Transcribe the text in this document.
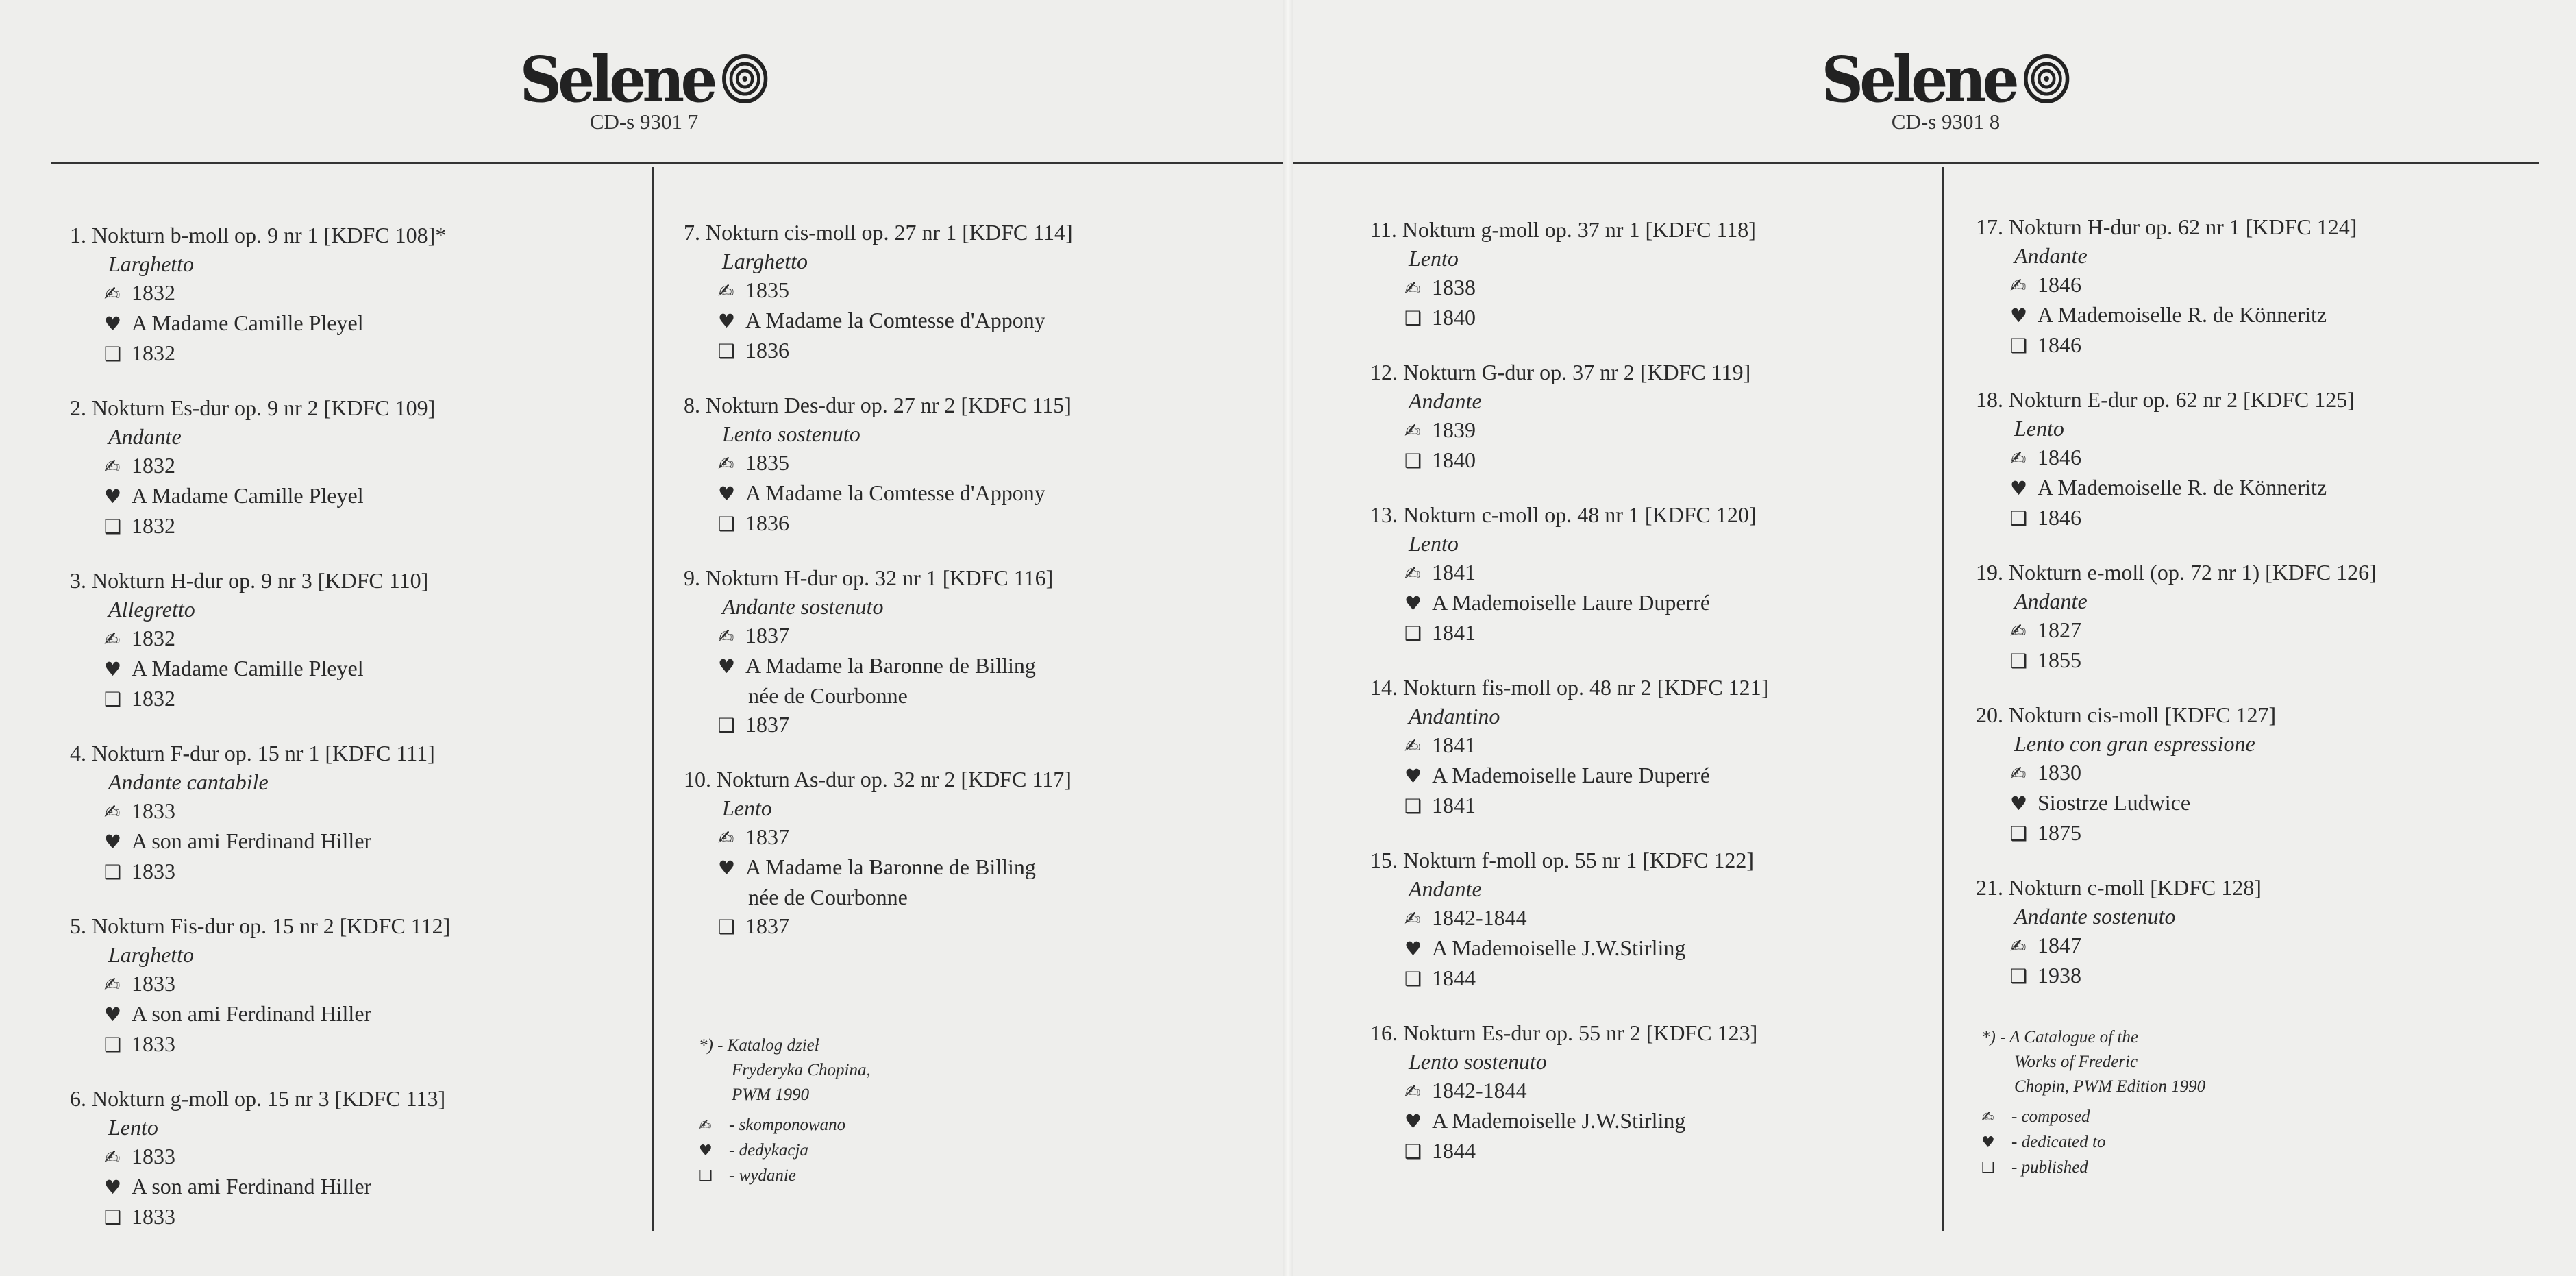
Selene
CD-s 9301 7
1. Nokturn b-moll op. 9 nr 1 [KDFC 108]*
Larghetto
✍ 1832
♥ A Madame Camille Pleyel
❑ 1832
2. Nokturn Es-dur op. 9 nr 2 [KDFC 109]
Andante
✍ 1832
♥ A Madame Camille Pleyel
❑ 1832
3. Nokturn H-dur op. 9 nr 3 [KDFC 110]
Allegretto
✍ 1832
♥ A Madame Camille Pleyel
❑ 1832
4. Nokturn F-dur op. 15 nr 1 [KDFC 111]
Andante cantabile
✍ 1833
♥ A son ami Ferdinand Hiller
❑ 1833
5. Nokturn Fis-dur op. 15 nr 2 [KDFC 112]
Larghetto
✍ 1833
♥ A son ami Ferdinand Hiller
❑ 1833
6. Nokturn g-moll op. 15 nr 3 [KDFC 113]
Lento
✍ 1833
♥ A son ami Ferdinand Hiller
❑ 1833
7. Nokturn cis-moll op. 27 nr 1 [KDFC 114]
Larghetto
✍ 1835
♥ A Madame la Comtesse d'Appony
❑ 1836
8. Nokturn Des-dur op. 27 nr 2 [KDFC 115]
Lento sostenuto
✍ 1835
♥ A Madame la Comtesse d'Appony
❑ 1836
9. Nokturn H-dur op. 32 nr 1 [KDFC 116]
Andante sostenuto
✍ 1837
♥ A Madame la Baronne de Billing
née de Courbonne
❑ 1837
10. Nokturn As-dur op. 32 nr 2 [KDFC 117]
Lento
✍ 1837
♥ A Madame la Baronne de Billing
née de Courbonne
❑ 1837
*) - Katalog dzieł
Fryderyka Chopina,
PWM 1990
✍ - skomponowano
♥ - dedykacja
❑ - wydanie
Selene
CD-s 9301 8
11. Nokturn g-moll op. 37 nr 1 [KDFC 118]
Lento
✍ 1838
❑ 1840
12. Nokturn G-dur op. 37 nr 2 [KDFC 119]
Andante
✍ 1839
❑ 1840
13. Nokturn c-moll op. 48 nr 1 [KDFC 120]
Lento
✍ 1841
♥ A Mademoiselle Laure Duperré
❑ 1841
14. Nokturn fis-moll op. 48 nr 2 [KDFC 121]
Andantino
✍ 1841
♥ A Mademoiselle Laure Duperré
❑ 1841
15. Nokturn f-moll op. 55 nr 1 [KDFC 122]
Andante
✍ 1842-1844
♥ A Mademoiselle J.W.Stirling
❑ 1844
16. Nokturn Es-dur op. 55 nr 2 [KDFC 123]
Lento sostenuto
✍ 1842-1844
♥ A Mademoiselle J.W.Stirling
❑ 1844
17. Nokturn H-dur op. 62 nr 1 [KDFC 124]
Andante
✍ 1846
♥ A Mademoiselle R. de Könneritz
❑ 1846
18. Nokturn E-dur op. 62 nr 2 [KDFC 125]
Lento
✍ 1846
♥ A Mademoiselle R. de Könneritz
❑ 1846
19. Nokturn e-moll (op. 72 nr 1) [KDFC 126]
Andante
✍ 1827
❑ 1855
20. Nokturn cis-moll [KDFC 127]
Lento con gran espressione
✍ 1830
♥ Siostrze Ludwice
❑ 1875
21. Nokturn c-moll [KDFC 128]
Andante sostenuto
✍ 1847
❑ 1938
*) - A Catalogue of the
Works of Frederic
Chopin, PWM Edition 1990
✍ - composed
♥ - dedicated to
❑ - published
